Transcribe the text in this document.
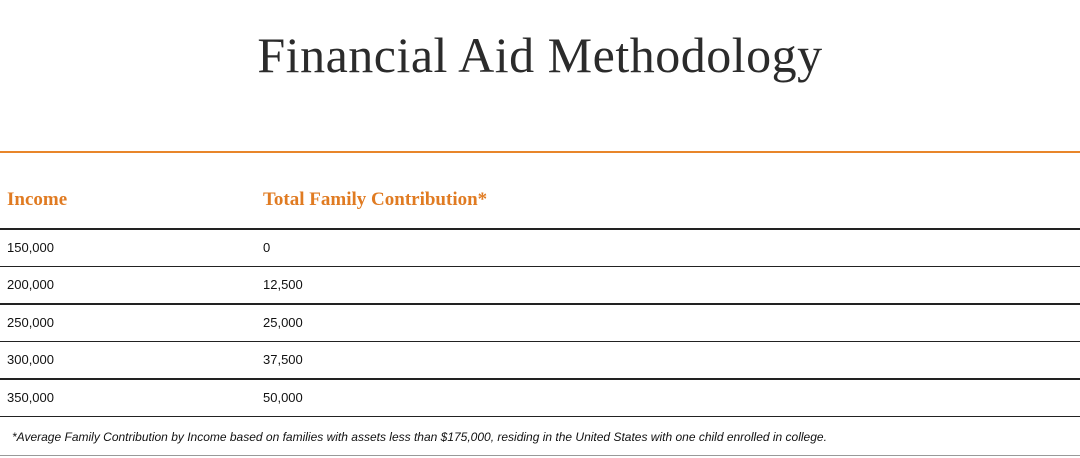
Financial Aid Methodology
Income	Total Family Contribution*
150,000	0
200,000	12,500
250,000	25,000
300,000	37,500
350,000	50,000
*Average Family Contribution by Income based on families with assets less than $175,000, residing in the United States with one child enrolled in college.
